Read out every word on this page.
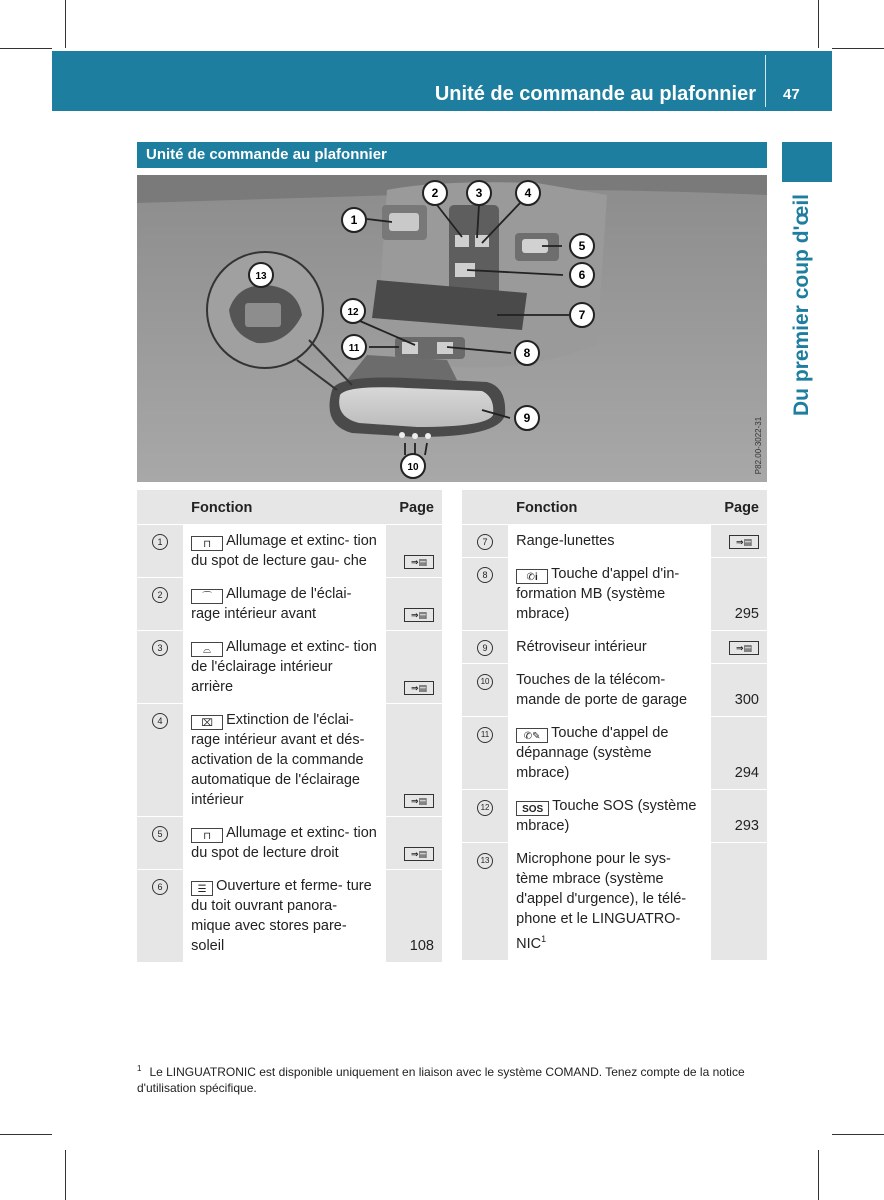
Unité de commande au plafonnier 47
Du premier coup d'œil
Unité de commande au plafonnier
1
2	3	4
5
6
7
8
9
10
11
12
13
P82.00-3022-31
	Fonction	Page
1	⊓ Allumage et extinc- tion du spot de lecture gau- che	⇒▤
2	⌒ Allumage de l'éclai- rage intérieur avant	⇒▤
3	⌓ Allumage et extinc- tion de l'éclairage intérieur arrière	⇒▤
4	⌧ Extinction de l'éclai- rage intérieur avant et dés- activation de la commande automatique de l'éclairage intérieur	⇒▤
5	⊓ Allumage et extinc- tion du spot de lecture droit	⇒▤
6	☰ Ouverture et ferme- ture du toit ouvrant panora- mique avec stores pare- soleil	108
	Fonction	Page
7	Range-lunettes	⇒▤
8	✆i Touche d'appel d'in- formation MB (système mbrace)	295
9	Rétroviseur intérieur	⇒▤
10	Touches de la télécom- mande de porte de garage	300
11	✆✎ Touche d'appel de dépannage (système mbrace)	294
12	SOS Touche SOS (système mbrace)	293
13	Microphone pour le sys- tème mbrace (système d'appel d'urgence), le télé- phone et le LINGUATRO- NIC$^1$	
$^1$ Le LINGUATRONIC est disponible uniquement en liaison avec le système COMAND. Tenez compte de la notice d'utilisation spécifique.
